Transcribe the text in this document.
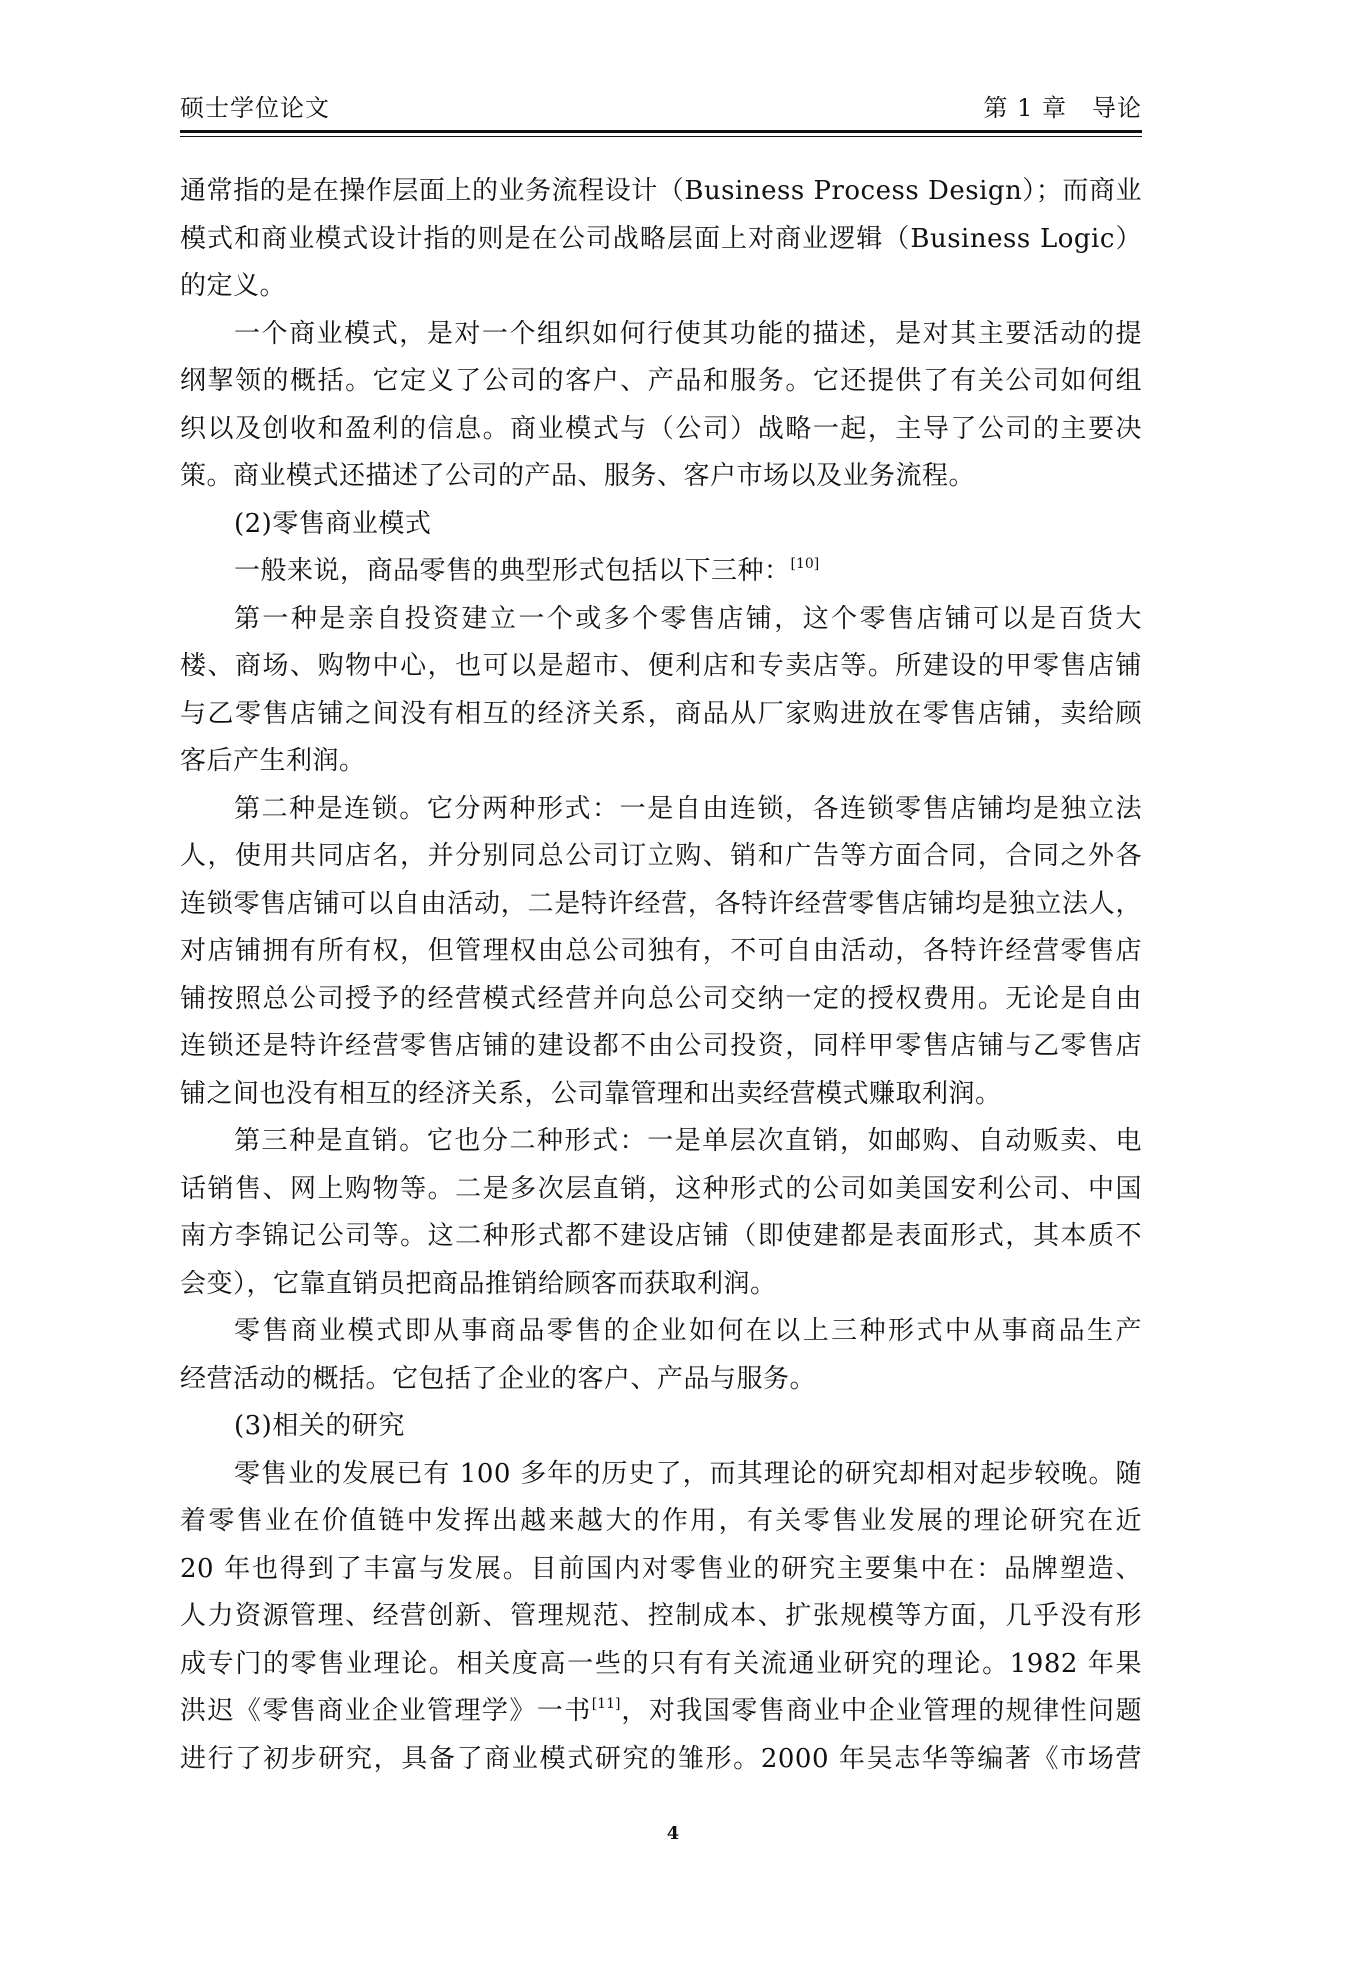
硕士学位论文	第 1 章　导论
通常指的是在操作层面上的业务流程设计（Business Process Design）；而商业
模式和商业模式设计指的则是在公司战略层面上对商业逻辑（Business Logic）
的定义。
一个商业模式，是对一个组织如何行使其功能的描述，是对其主要活动的提
纲挈领的概括。它定义了公司的客户、产品和服务。它还提供了有关公司如何组
织以及创收和盈利的信息。商业模式与（公司）战略一起，主导了公司的主要决
策。商业模式还描述了公司的产品、服务、客户市场以及业务流程。
(2)零售商业模式
一般来说，商品零售的典型形式包括以下三种：[10]
第一种是亲自投资建立一个或多个零售店铺，这个零售店铺可以是百货大
楼、商场、购物中心，也可以是超市、便利店和专卖店等。所建设的甲零售店铺
与乙零售店铺之间没有相互的经济关系，商品从厂家购进放在零售店铺，卖给顾
客后产生利润。
第二种是连锁。它分两种形式：一是自由连锁，各连锁零售店铺均是独立法
人，使用共同店名，并分别同总公司订立购、销和广告等方面合同，合同之外各
连锁零售店铺可以自由活动，二是特许经营，各特许经营零售店铺均是独立法人，
对店铺拥有所有权，但管理权由总公司独有，不可自由活动，各特许经营零售店
铺按照总公司授予的经营模式经营并向总公司交纳一定的授权费用。无论是自由
连锁还是特许经营零售店铺的建设都不由公司投资，同样甲零售店铺与乙零售店
铺之间也没有相互的经济关系，公司靠管理和出卖经营模式赚取利润。
第三种是直销。它也分二种形式：一是单层次直销，如邮购、自动贩卖、电
话销售、网上购物等。二是多次层直销，这种形式的公司如美国安利公司、中国
南方李锦记公司等。这二种形式都不建设店铺（即使建都是表面形式，其本质不
会变），它靠直销员把商品推销给顾客而获取利润。
零售商业模式即从事商品零售的企业如何在以上三种形式中从事商品生产
经营活动的概括。它包括了企业的客户、产品与服务。
(3)相关的研究
零售业的发展已有 100 多年的历史了，而其理论的研究却相对起步较晚。随
着零售业在价值链中发挥出越来越大的作用，有关零售业发展的理论研究在近
20 年也得到了丰富与发展。目前国内对零售业的研究主要集中在：品牌塑造、
人力资源管理、经营创新、管理规范、控制成本、扩张规模等方面，几乎没有形
成专门的零售业理论。相关度高一些的只有有关流通业研究的理论。1982 年果
洪迟《零售商业企业管理学》一书[11]，对我国零售商业中企业管理的规律性问题
进行了初步研究，具备了商业模式研究的雏形。2000 年吴志华等编著《市场营
4
